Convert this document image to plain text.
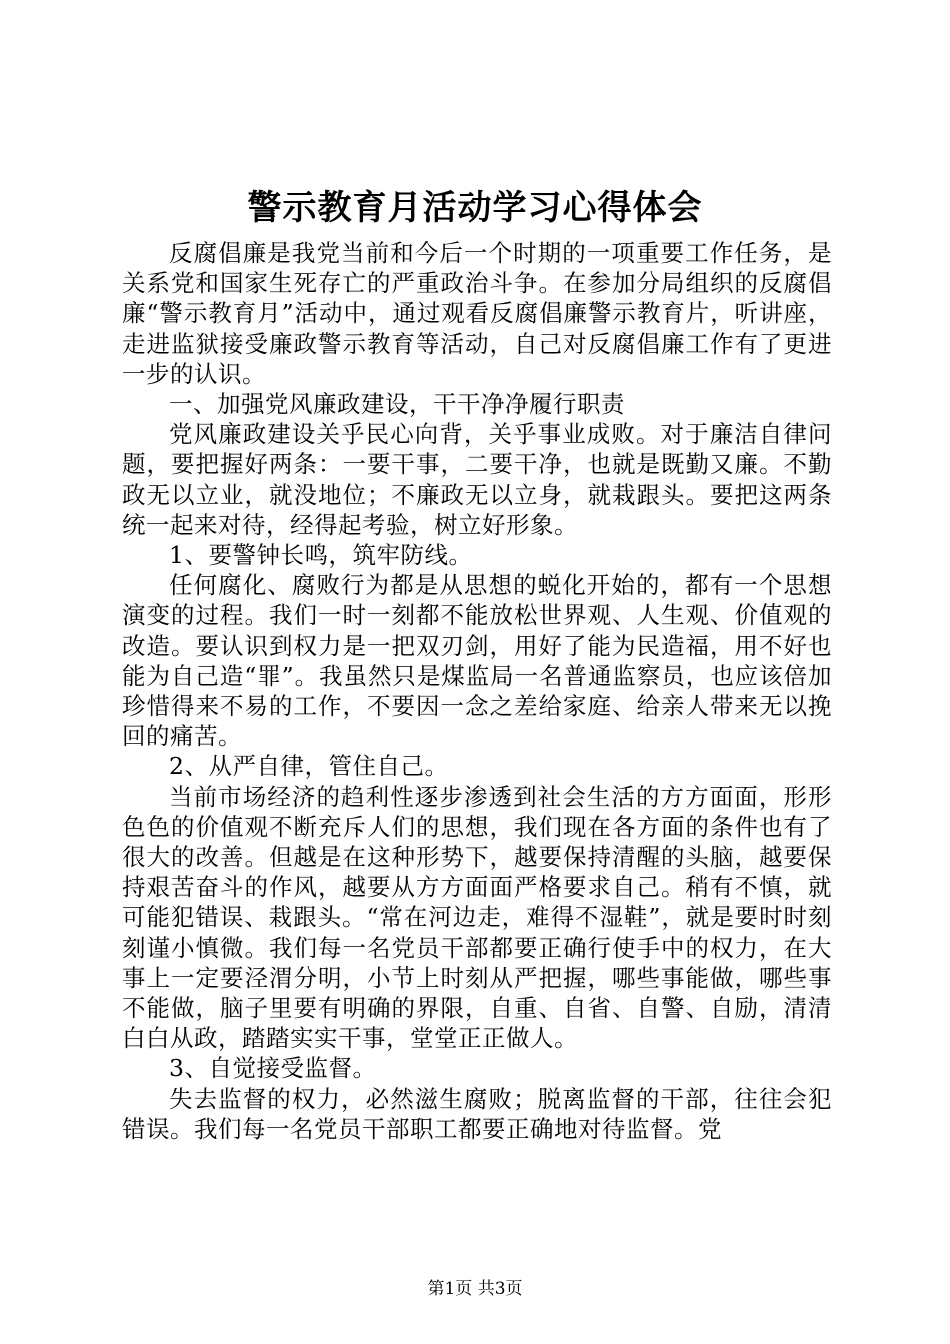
警示教育月活动学习心得体会

反腐倡廉是我党当前和今后一个时期的一项重要工作任务，是关系党和国家生死存亡的严重政治斗争。在参加分局组织的反腐倡廉“警示教育月”活动中，通过观看反腐倡廉警示教育片，听讲座，走进监狱接受廉政警示教育等活动，自己对反腐倡廉工作有了更进一步的认识。

一、加强党风廉政建设，干干净净履行职责

党风廉政建设关乎民心向背，关乎事业成败。对于廉洁自律问题，要把握好两条：一要干事，二要干净，也就是既勤又廉。不勤政无以立业，就没地位；不廉政无以立身，就栽跟头。要把这两条统一起来对待，经得起考验，树立好形象。

1、要警钟长鸣，筑牢防线。

任何腐化、腐败行为都是从思想的蜕化开始的，都有一个思想演变的过程。我们一时一刻都不能放松世界观、人生观、价值观的改造。要认识到权力是一把双刃剑，用好了能为民造福，用不好也能为自己造“罪”。我虽然只是煤监局一名普通监察员，也应该倍加珍惜得来不易的工作，不要因一念之差给家庭、给亲人带来无以挽回的痛苦。

2、从严自律，管住自己。

当前市场经济的趋利性逐步渗透到社会生活的方方面面，形形色色的价值观不断充斥人们的思想，我们现在各方面的条件也有了很大的改善。但越是在这种形势下，越要保持清醒的头脑，越要保持艰苦奋斗的作风，越要从方方面面严格要求自己。稍有不慎，就可能犯错误、栽跟头。“常在河边走，难得不湿鞋”，就是要时时刻刻谨小慎微。我们每一名党员干部都要正确行使手中的权力，在大事上一定要泾渭分明，小节上时刻从严把握，哪些事能做，哪些事不能做，脑子里要有明确的界限，自重、自省、自警、自励，清清白白从政，踏踏实实干事，堂堂正正做人。

3、自觉接受监督。

失去监督的权力，必然滋生腐败；脱离监督的干部，往往会犯错误。我们每一名党员干部职工都要正确地对待监督。党

第1页 共3页
